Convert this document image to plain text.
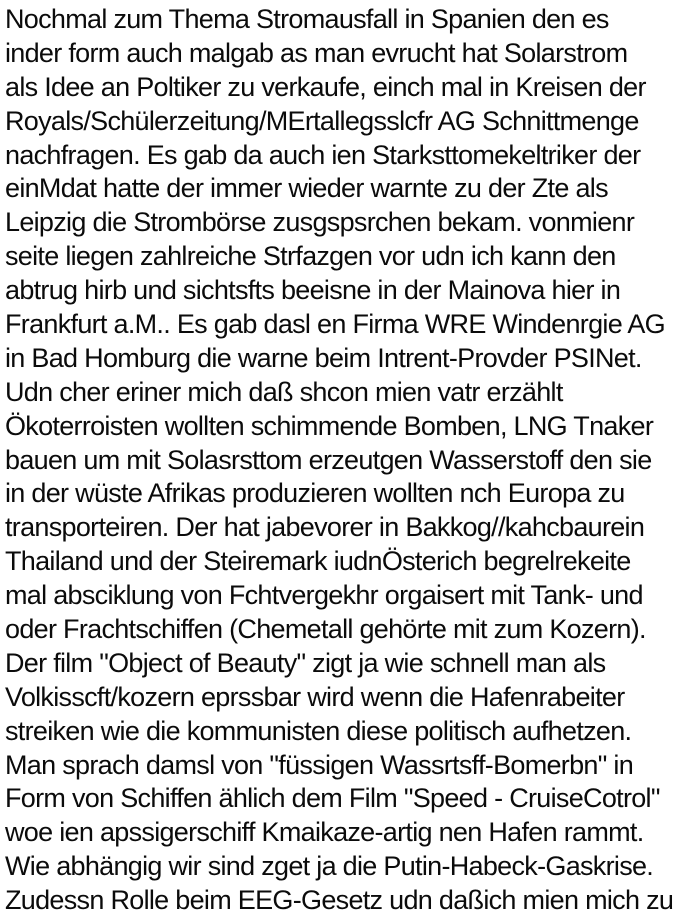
Nochmal zum Thema Stromausfall in Spanien den es
inder form auch malgab as man evrucht hat Solarstrom
als Idee an Poltiker zu verkaufe, einch mal in Kreisen der
Royals/Schülerzeitung/MErtallegsslcfr AG Schnittmenge
nachfragen. Es gab da auch ien Starksttomekeltriker der
einMdat hatte der immer wieder warnte zu der Zte als
Leipzig die Strombörse zusgspsrchen bekam. vonmienr
seite liegen zahlreiche Strfazgen vor udn ich kann den
abtrug hirb und sichtsfts beeisne in der Mainova hier in
Frankfurt a.M.. Es gab dasl en Firma WRE Windenrgie AG
in Bad Homburg die warne beim Intrent-Provder PSINet.
Udn cher eriner mich daß shcon mien vatr erzählt
Ökoterroisten wollten schimmende Bomben, LNG Tnaker
bauen um mit Solasrsttom erzeutgen Wasserstoff den sie
in der wüste Afrikas produzieren wollten nch Europa zu
transporteiren. Der hat jabevorer in Bakkog//kahcbaurein
Thailand und der Steiremark iudnÖsterich begrelrekeite
mal absciklung von Fchtvergekhr orgaisert mit Tank- und
oder Frachtschiffen (Chemetall gehörte mit zum Kozern).
Der film "Object of Beauty" zigt ja wie schnell man als
Volkisscft/kozern eprssbar wird wenn die Hafenrabeiter
streiken wie die kommunisten diese politisch aufhetzen.
Man sprach damsl von "füssigen Wassrtsff-Bomerbn" in
Form von Schiffen ählich dem Film "Speed - CruiseCotrol"
woe ien apssigerschiff Kmaikaze-artig nen Hafen rammt.
Wie abhängig wir sind zget ja die Putin-Habeck-Gaskrise.
Zudessn Rolle beim EEG-Gesetz udn daßich mien mich zu
